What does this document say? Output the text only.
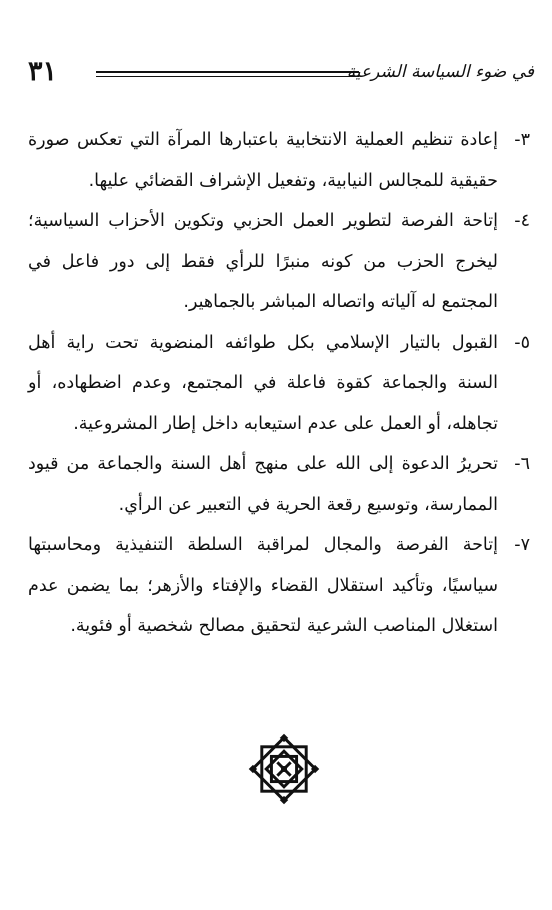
في ضوء السياسة الشرعية
٣١

٣-
إعادة تنظيم العملية الانتخابية باعتبارها المرآة التي تعكس صورة حقيقية للمجالس النيابية، وتفعيل الإشراف القضائي عليها.

٤-
إتاحة الفرصة لتطوير العمل الحزبي وتكوين الأحزاب السياسية؛ ليخرج الحزب من كونه منبرًا للرأي فقط إلى دور فاعل في المجتمع له آلياته واتصاله المباشر بالجماهير.

٥-
القبول بالتيار الإسلامي بكل طوائفه المنضوية تحت راية أهل السنة والجماعة كقوة فاعلة في المجتمع، وعدم اضطهاده، أو تجاهله، أو العمل على عدم استيعابه داخل إطار المشروعية.

٦-
تحريرُ الدعوة إلى الله على منهج أهل السنة والجماعة من قيود الممارسة، وتوسيع رقعة الحرية في التعبير عن الرأي.

٧-
إتاحة الفرصة والمجال لمراقبة السلطة التنفيذية ومحاسبتها سياسيًا، وتأكيد استقلال القضاء والإفتاء والأزهر؛ بما يضمن عدم استغلال المناصب الشرعية لتحقيق مصالح شخصية أو فئوية.
